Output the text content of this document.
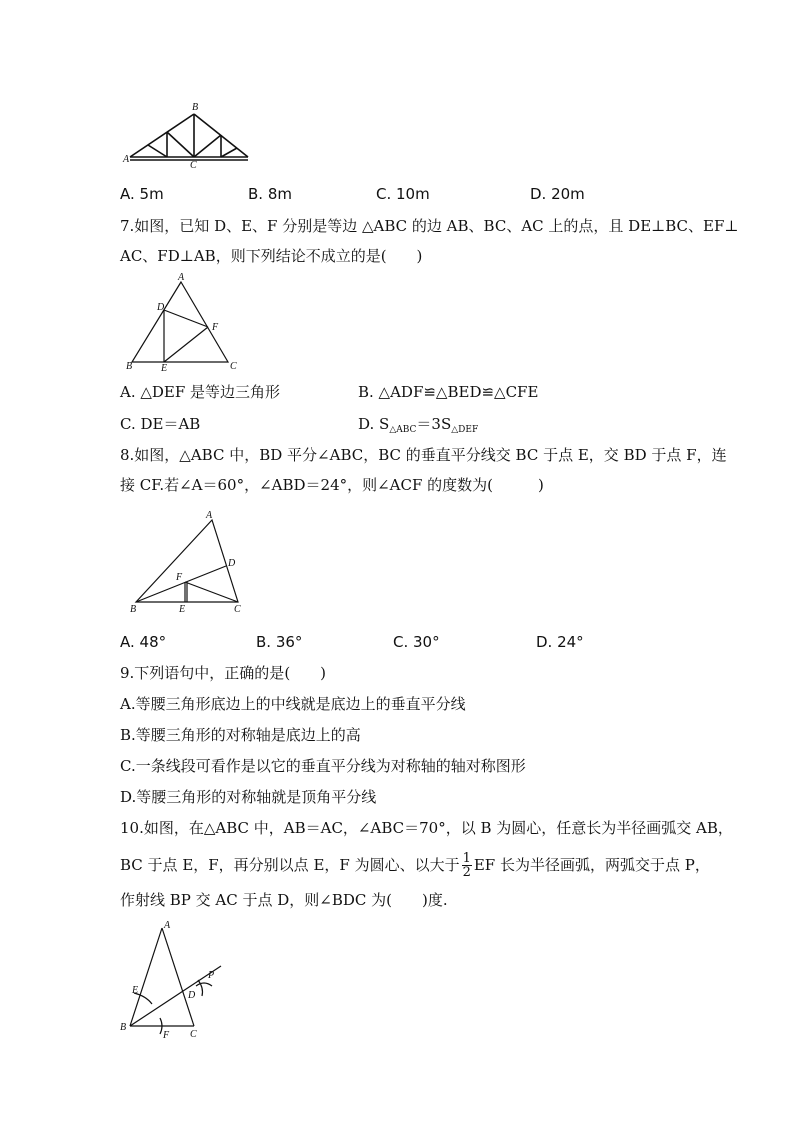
B
A
C
A. 5m	B. 8m	C. 10m	D. 20m
7.如图，已知 D、E、F 分别是等边 △ABC 的边 AB、BC、AC 上的点，且 DE⊥BC、EF⊥
AC、FD⊥AB，则下列结论不成立的是(　　)
A
D
F
B	E	C
A. △DEF 是等边三角形	B. △ADF≌△BED≌△CFE
C. DE＝AB	D. $S_{\triangle ABC}=3S_{\triangle DEF}$
8.如图，△ABC 中，BD 平分∠ABC，BC 的垂直平分线交 BC 于点 E，交 BD 于点 F，连
接 CF.若∠A＝60°，∠ABD＝24°，则∠ACF 的度数为(　　　)
A
D
F
B	E	C
A. 48°	B. 36°	C. 30°	D. 24°
9.下列语句中，正确的是(　　)
A.等腰三角形底边上的中线就是底边上的垂直平分线
B.等腰三角形的对称轴是底边上的高
C.一条线段可看作是以它的垂直平分线为对称轴的轴对称图形
D.等腰三角形的对称轴就是顶角平分线
10.如图，在△ABC 中，AB＝AC，∠ABC＝70°，以 B 为圆心，任意长为半径画弧交 AB，
BC 于点 E，F，再分别以点 E，F 为圆心、以大于 $\frac{1}{2}$ EF 长为半径画弧，两弧交于点 P，
作射线 BP 交 AC 于点 D，则∠BDC 为(　　)度.
A
E	D
P
B
F C
